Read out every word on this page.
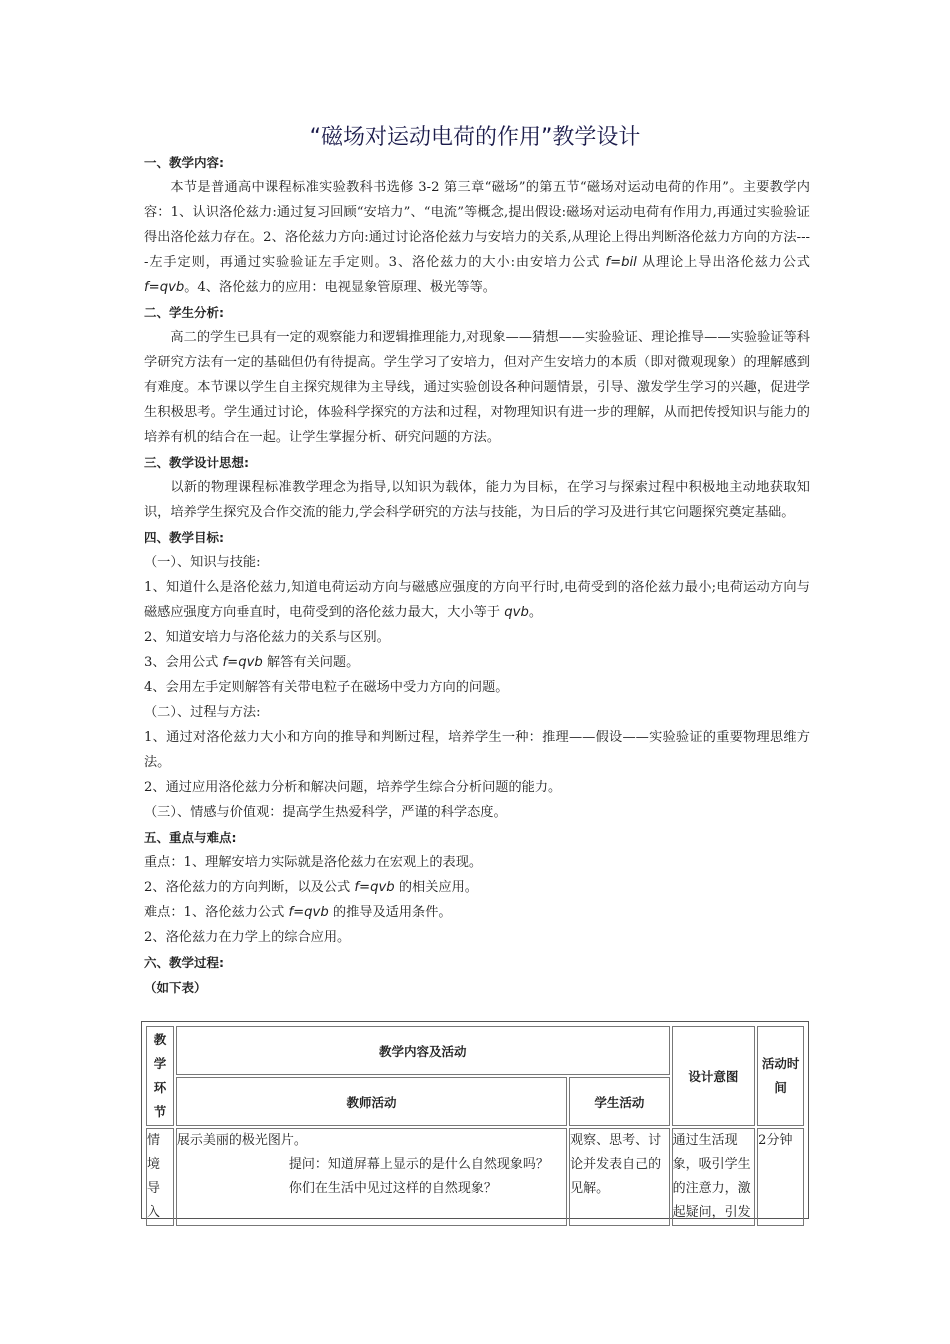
“磁场对运动电荷的作用”教学设计
一、教学内容:
本节是普通高中课程标准实验教科书选修 3-2 第三章“磁场”的第五节“磁场对运动电荷的作用”。主要教学内容：1、认识洛伦兹力:通过复习回顾“安培力”、“电流”等概念,提出假设:磁场对运动电荷有作用力,再通过实验验证得出洛伦兹力存在。2、洛伦兹力方向:通过讨论洛伦兹力与安培力的关系,从理论上得出判断洛伦兹力方向的方法----左手定则，再通过实验验证左手定则。3、洛伦兹力的大小:由安培力公式 f=bil 从理论上导出洛伦兹力公式 f=qvb。4、洛伦兹力的应用：电视显象管原理、极光等等。
二、学生分析:
高二的学生已具有一定的观察能力和逻辑推理能力,对现象——猜想——实验验证、理论推导——实验验证等科学研究方法有一定的基础但仍有待提高。学生学习了安培力，但对产生安培力的本质（即对微观现象）的理解感到有难度。本节课以学生自主探究规律为主导线，通过实验创设各种问题情景，引导、激发学生学习的兴趣，促进学生积极思考。学生通过讨论，体验科学探究的方法和过程，对物理知识有进一步的理解，从而把传授知识与能力的培养有机的结合在一起。让学生掌握分析、研究问题的方法。
三、教学设计思想:
以新的物理课程标准教学理念为指导,以知识为载体，能力为目标，在学习与探索过程中积极地主动地获取知识，培养学生探究及合作交流的能力,学会科学研究的方法与技能，为日后的学习及进行其它问题探究奠定基础。
四、教学目标:
（一）、知识与技能:
1、知道什么是洛伦兹力,知道电荷运动方向与磁感应强度的方向平行时,电荷受到的洛伦兹力最小;电荷运动方向与磁感应强度方向垂直时，电荷受到的洛伦兹力最大，大小等于 qvb。
2、知道安培力与洛伦兹力的关系与区别。
3、会用公式 f=qvb 解答有关问题。
4、会用左手定则解答有关带电粒子在磁场中受力方向的问题。
（二）、过程与方法:
1、通过对洛伦兹力大小和方向的推导和判断过程，培养学生一种：推理——假设——实验验证的重要物理思维方法。
2、通过应用洛伦兹力分析和解决问题，培养学生综合分析问题的能力。
（三）、情感与价值观：提高学生热爱科学，严谨的科学态度。
五、重点与难点:
重点：1、理解安培力实际就是洛伦兹力在宏观上的表现。
2、洛伦兹力的方向判断，以及公式 f=qvb 的相关应用。
难点：1、洛伦兹力公式 f=qvb 的推导及适用条件。
2、洛伦兹力在力学上的综合应用。
六、教学过程:
（如下表）
教学环节	教学内容及活动		设计意图	活动时间
	教师活动	学生活动		
情境导入	展示美丽的极光图片。
提问：知道屏幕上显示的是什么自然现象吗？
你们在生活中见过这样的自然现象？	观察、思考、讨论并发表自己的见解。	通过生活现象，吸引学生的注意力，激起疑问，引发	2分钟
